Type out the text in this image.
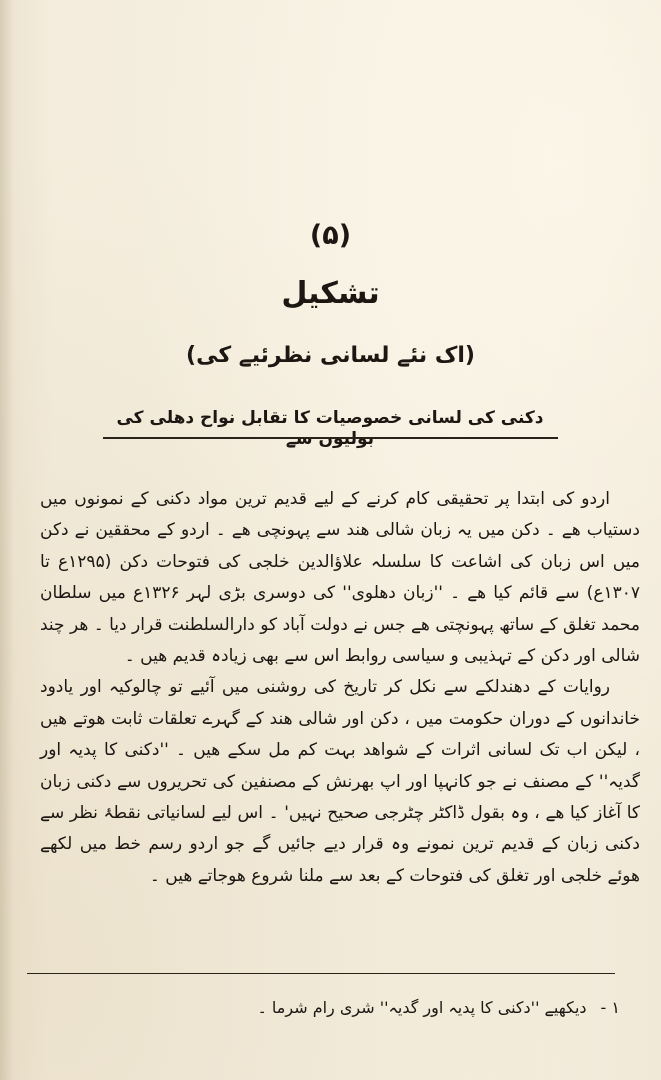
(۵)
تشکیل
(اک نئے لسانی نظرئیے کی)
دکنی کی لسانی خصوصیات کا تقابل نواح دھلی کی بولیوں سے

اردو کی ابتدا پر تحقیقی کام کرنے کے لیے قدیم ترین مواد دکنی کے نمونوں میں دستیاب ھے ۔ دکن میں یہ زبان شالی ھند سے پہونچی ھے ۔ اردو کے محققین نے دکن میں اس زبان کی اشاعت کا سلسلہ علاؤالدین خلجی کی فتوحات دکن (۱۲۹۵ع تا ۱۳۰۷ع) سے قائم کیا ھے ۔ ''زبان دھلوی'' کی دوسری بڑی لہر ۱۳۲۶ع میں سلطان محمد تغلق کے ساتھ پہونچتی ھے جس نے دولت آباد کو دارالسلطنت قرار دیا ۔ ھر چند شالی اور دکن کے تہذیبی و سیاسی روابط اس سے بھی زیادہ قدیم ھیں ۔

روایات کے دھندلکے سے نکل کر تاریخ کی روشنی میں آئیے تو چالوکیہ اور یادود خاندانوں کے دوران حکومت میں ، دکن اور شالی ھند کے گہرے تعلقات ثابت ھوتے ھیں ، لیکن اب تک لسانی اثرات کے شواھد بہت کم مل سکے ھیں ۔ ''دکنی کا پدیہ اور گدیہ'' کے مصنف نے جو کانہپا اور اپ بھرنش کے مصنفین کی تحریروں سے دکنی زبان کا آغاز کیا ھے ، وہ بقول ڈاکٹر چٹرجی صحیح نہیں' ۔ اس لیے لسانیاتی نقطۂ نظر سے دکنی زبان کے قدیم ترین نمونے وہ قرار دیے جائیں گے جو اردو رسم خط میں لکھے ھوئے خلجی اور تغلق کی فتوحات کے بعد سے ملنا شروع ھوجاتے ھیں ۔

۱ -
دیکھیے ''دکنی کا پدیہ اور گدیہ'' شری رام شرما ۔
